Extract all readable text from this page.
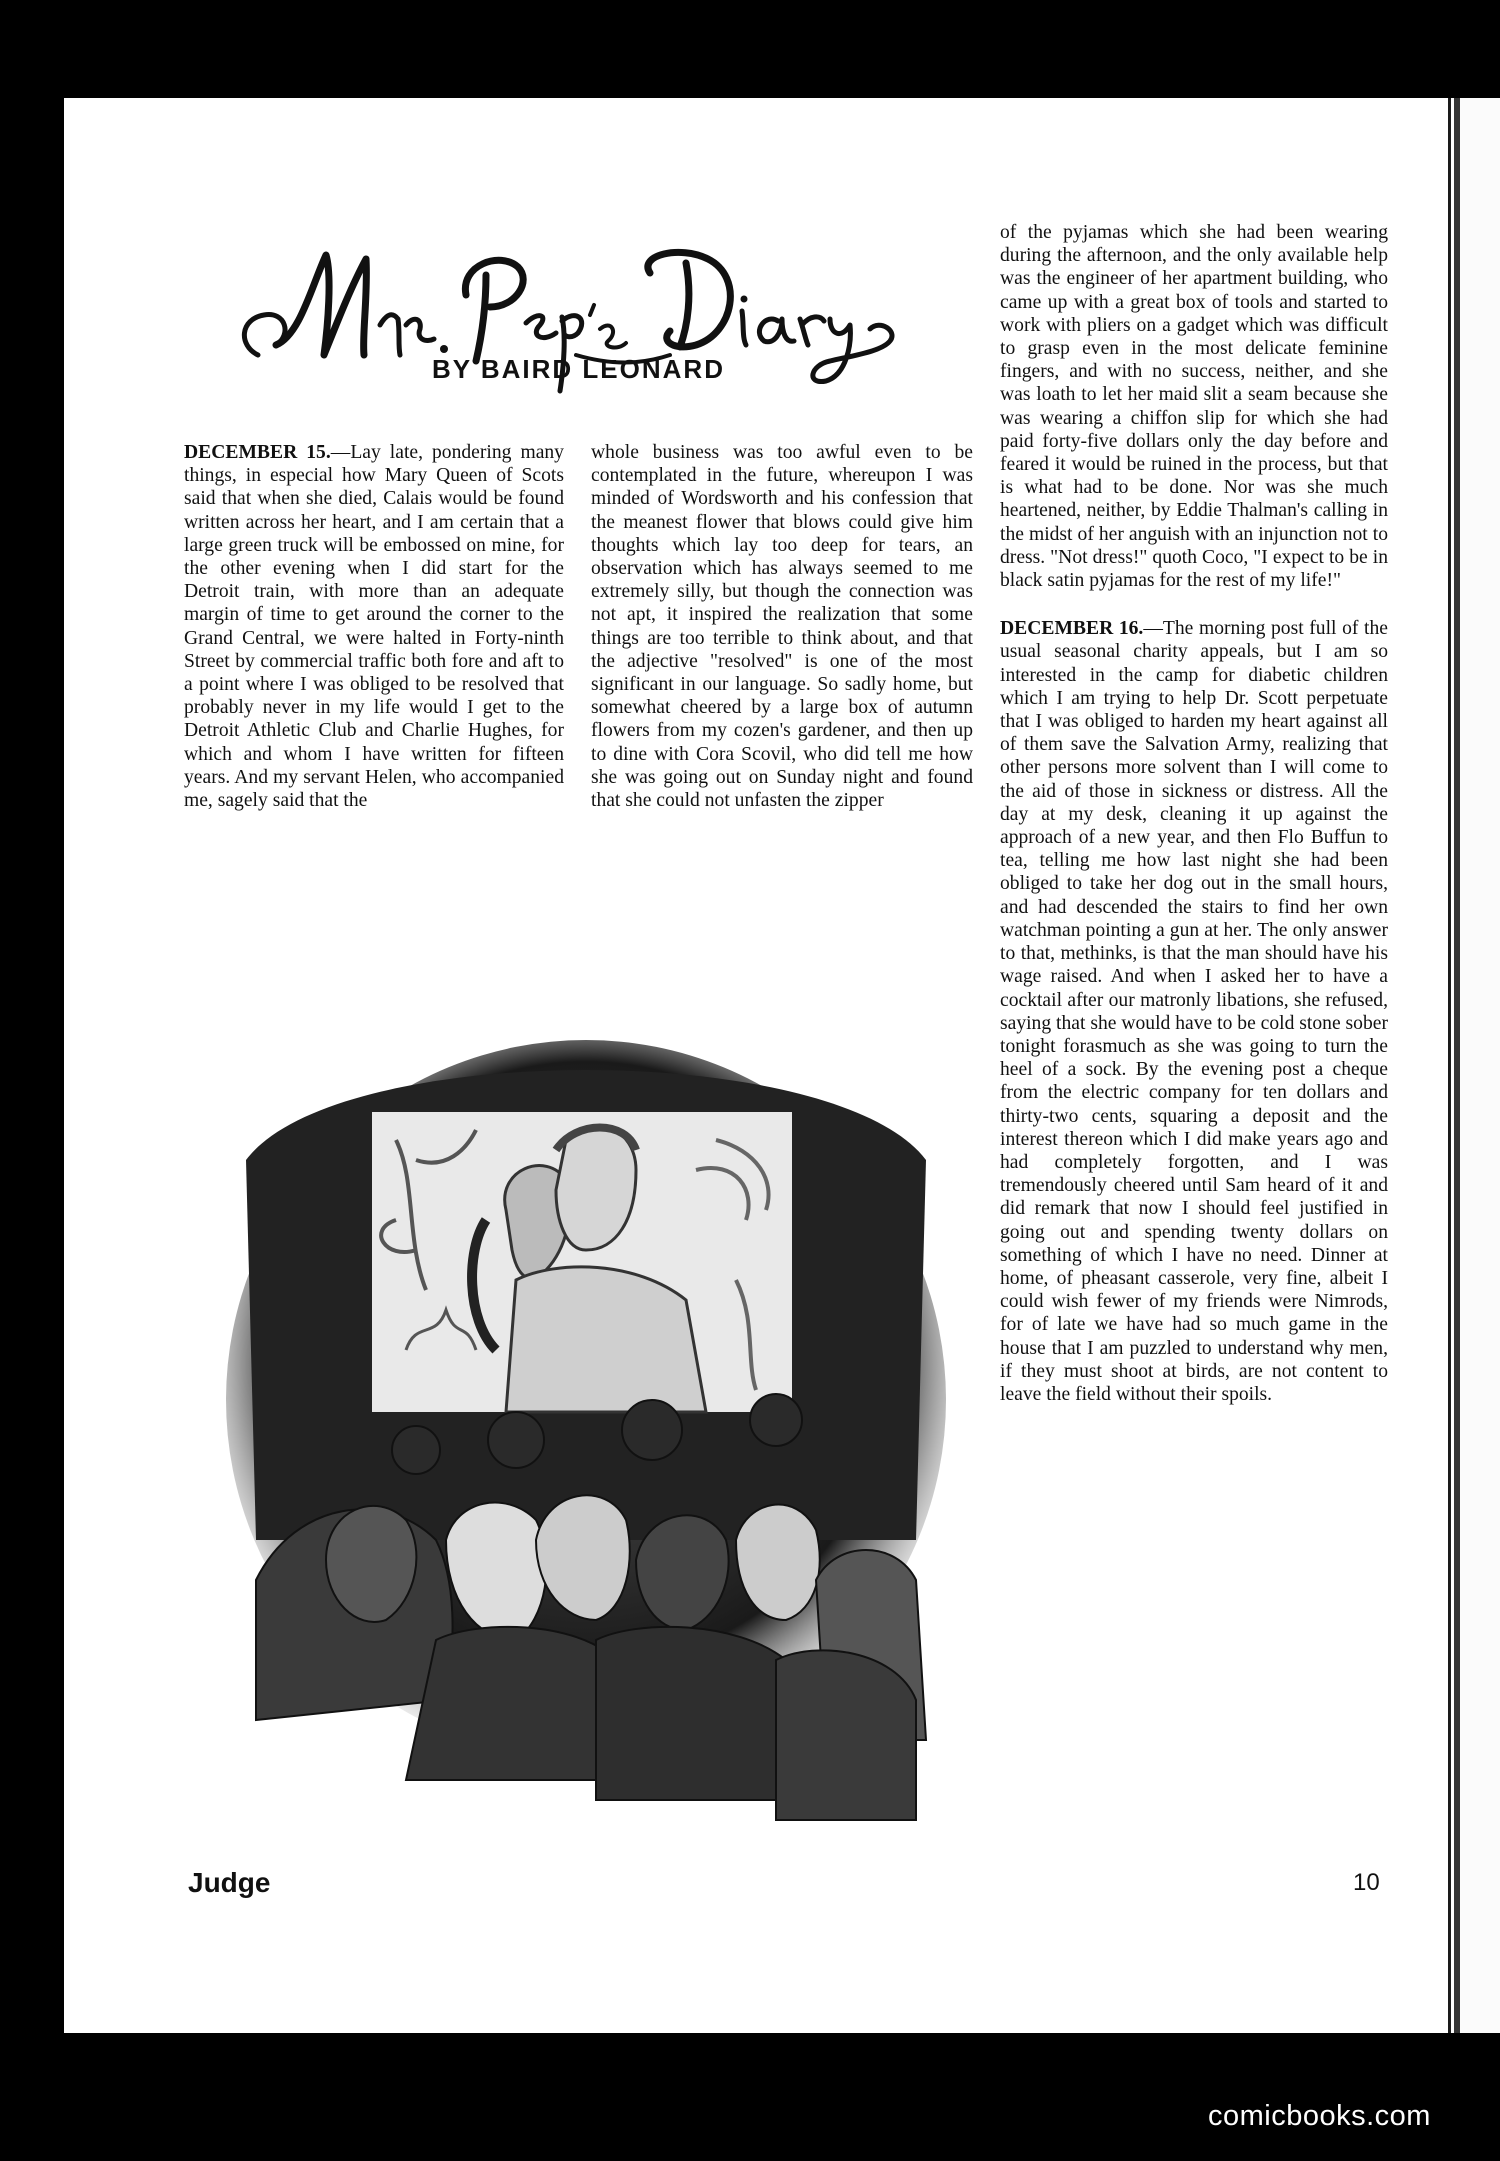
BY BAIRD LEONARD

DECEMBER 15.—Lay late, pondering many things, in especial how Mary Queen of Scots said that when she died, Calais would be found written across her heart, and I am certain that a large green truck will be embossed on mine, for the other evening when I did start for the Detroit train, with more than an adequate margin of time to get around the corner to the Grand Central, we were halted in Forty-ninth Street by commercial traffic both fore and aft to a point where I was obliged to be resolved that probably never in my life would I get to the Detroit Athletic Club and Charlie Hughes, for which and whom I have written for fifteen years. And my servant Helen, who accompanied me, sagely said that the

whole business was too awful even to be contemplated in the future, whereupon I was minded of Wordsworth and his confession that the meanest flower that blows could give him thoughts which lay too deep for tears, an observation which has always seemed to me extremely silly, but though the connection was not apt, it inspired the realization that some things are too terrible to think about, and that the adjective "resolved" is one of the most significant in our language. So sadly home, but somewhat cheered by a large box of autumn flowers from my cozen's gardener, and then up to dine with Cora Scovil, who did tell me how she was going out on Sunday night and found that she could not unfasten the zipper

of the pyjamas which she had been wearing during the afternoon, and the only available help was the engineer of her apartment building, who came up with a great box of tools and started to work with pliers on a gadget which was difficult to grasp even in the most delicate feminine fingers, and with no success, neither, and she was loath to let her maid slit a seam because she was wearing a chiffon slip for which she had paid forty-five dollars only the day before and feared it would be ruined in the process, but that is what had to be done. Nor was she much heartened, neither, by Eddie Thalman's calling in the midst of her anguish with an injunction not to dress. "Not dress!" quoth Coco, "I expect to be in black satin pyjamas for the rest of my life!"

DECEMBER 16.—The morning post full of the usual seasonal charity appeals, but I am so interested in the camp for diabetic children which I am trying to help Dr. Scott perpetuate that I was obliged to harden my heart against all of them save the Salvation Army, realizing that other persons more solvent than I will come to the aid of those in sickness or distress. All the day at my desk, cleaning it up against the approach of a new year, and then Flo Buffun to tea, telling me how last night she had been obliged to take her dog out in the small hours, and had descended the stairs to find her own watchman pointing a gun at her. The only answer to that, methinks, is that the man should have his wage raised. And when I asked her to have a cocktail after our matronly libations, she refused, saying that she would have to be cold stone sober tonight forasmuch as she was going to turn the heel of a sock. By the evening post a cheque from the electric company for ten dollars and thirty-two cents, squaring a deposit and the interest thereon which I did make years ago and had completely forgotten, and I was tremendously cheered until Sam heard of it and did remark that now I should feel justified in going out and spending twenty dollars on something of which I have no need. Dinner at home, of pheasant casserole, very fine, albeit I could wish fewer of my friends were Nimrods, for of late we have had so much game in the house that I am puzzled to understand why men, if they must shoot at birds, are not content to leave the field without their spoils.

Judge	10
comicbooks.com
